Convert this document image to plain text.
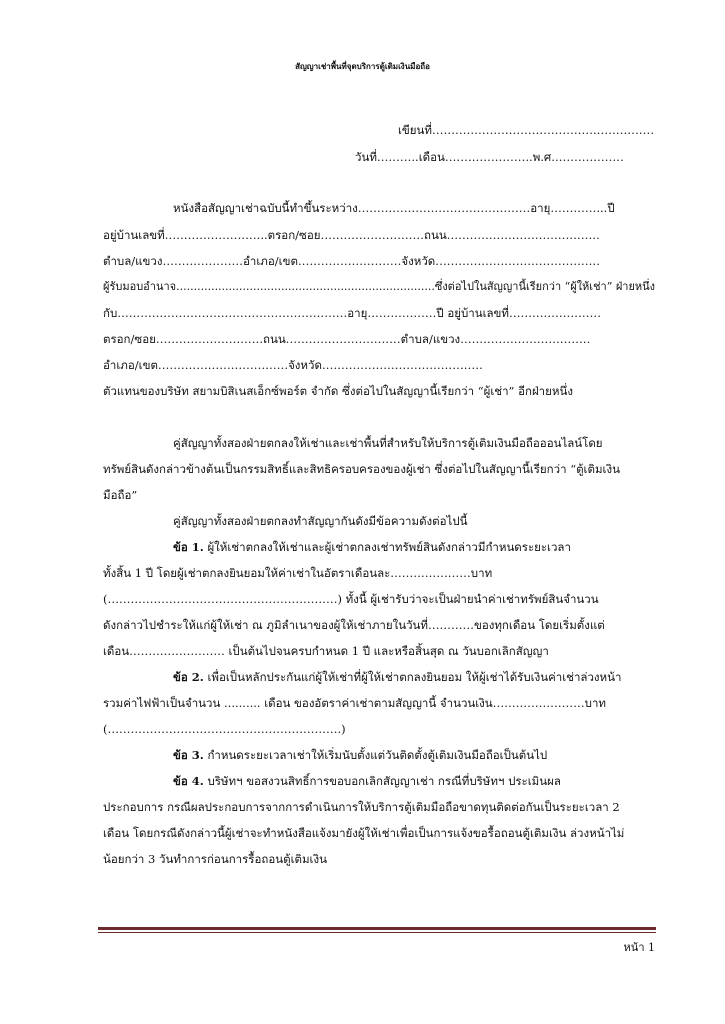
สัญญาเช่าพื้นที่จุดบริการตู้เติมเงินมือถือ
เขียนที่…………………………………….……………
วันที่………..เดือน…………………..พ.ศ.………………
หนังสือสัญญาเช่าฉบับนี้ทำขึ้นระหว่าง………………………………………อายุ…………...ปี
อยู่บ้านเลขที่……………………...ตรอก/ซอย………………………ถนน………………………………….
ตำบล/แขวง…………………อำเภอ/เขต………………………จังหวัด…………………………………….
ผู้รับมอบอำนาจ..........................................................................ซึ่งต่อไปในสัญญานี้เรียกว่า “ผู้ให้เช่า” ฝ่ายหนึ่ง
กับ……………………………………………………อายุ………………ปี อยู่บ้านเลขที่……………………
ตรอก/ซอย……………………….ถนน…………………………ตำบล/แขวง…………………………….
อำเภอ/เขต…………………………….จังหวัด……………………………………
ตัวแทนของบริษัท สยามบิสิเนสเอ็กซ์พอร์ต จำกัด ซึ่งต่อไปในสัญญานี้เรียกว่า “ผู้เช่า” อีกฝ่ายหนึ่ง
คู่สัญญาทั้งสองฝ่ายตกลงให้เช่าและเช่าพื้นที่สำหรับให้บริการตู้เติมเงินมือถือออนไลน์โดย
ทรัพย์สินดังกล่าวข้างต้นเป็นกรรมสิทธิ์และสิทธิครอบครองของผู้เช่า ซึ่งต่อไปในสัญญานี้เรียกว่า “ตู้เติมเงิน
มือถือ”
คู่สัญญาทั้งสองฝ่ายตกลงทำสัญญากันดังมีข้อความดังต่อไปนี้
ข้อ 1. ผู้ให้เช่าตกลงให้เช่าและผู้เช่าตกลงเช่าทรัพย์สินดังกล่าวมีกำหนดระยะเวลา
ทั้งสิ้น 1 ปี โดยผู้เช่าตกลงยินยอมให้ค่าเช่าในอัตราเดือนละ…………………บาท
(……………………………………………………) ทั้งนี้ ผู้เช่ารับว่าจะเป็นฝ่ายนำค่าเช่าทรัพย์สินจำนวน
ดังกล่าวไปชำระให้แก่ผู้ให้เช่า ณ ภูมิลำเนาของผู้ให้เช่าภายในวันที่…………ของทุกเดือน โดยเริ่มตั้งแต่
เดือน……….…………… เป็นต้นไปจนครบกำหนด 1 ปี และหรือสิ้นสุด ณ วันบอกเลิกสัญญา
ข้อ 2. เพื่อเป็นหลักประกันแก่ผู้ให้เช่าที่ผู้ให้เช่าตกลงยินยอม ให้ผู้เช่าได้รับเงินค่าเช่าล่วงหน้า
รวมค่าไฟฟ้าเป็นจำนวน .......... เดือน ของอัตราค่าเช่าตามสัญญานี้ จำนวนเงิน……………………บาท
(…………………………………………………….)
ข้อ 3. กำหนดระยะเวลาเช่าให้เริ่มนับตั้งแต่วันติดตั้งตู้เติมเงินมือถือเป็นต้นไป
ข้อ 4. บริษัทฯ ขอสงวนสิทธิ์การขอบอกเลิกสัญญาเช่า กรณีที่บริษัทฯ ประเมินผล
ประกอบการ กรณีผลประกอบการจากการดำเนินการให้บริการตู้เติมมือถือขาดทุนติดต่อกันเป็นระยะเวลา 2
เดือน โดยกรณีดังกล่าวนี้ผู้เช่าจะทำหนังสือแจ้งมายังผู้ให้เช่าเพื่อเป็นการแจ้งขอรื้อถอนตู้เติมเงิน ล่วงหน้าไม่
น้อยกว่า 3 วันทำการก่อนการรื้อถอนตู้เติมเงิน
หน้า 1
